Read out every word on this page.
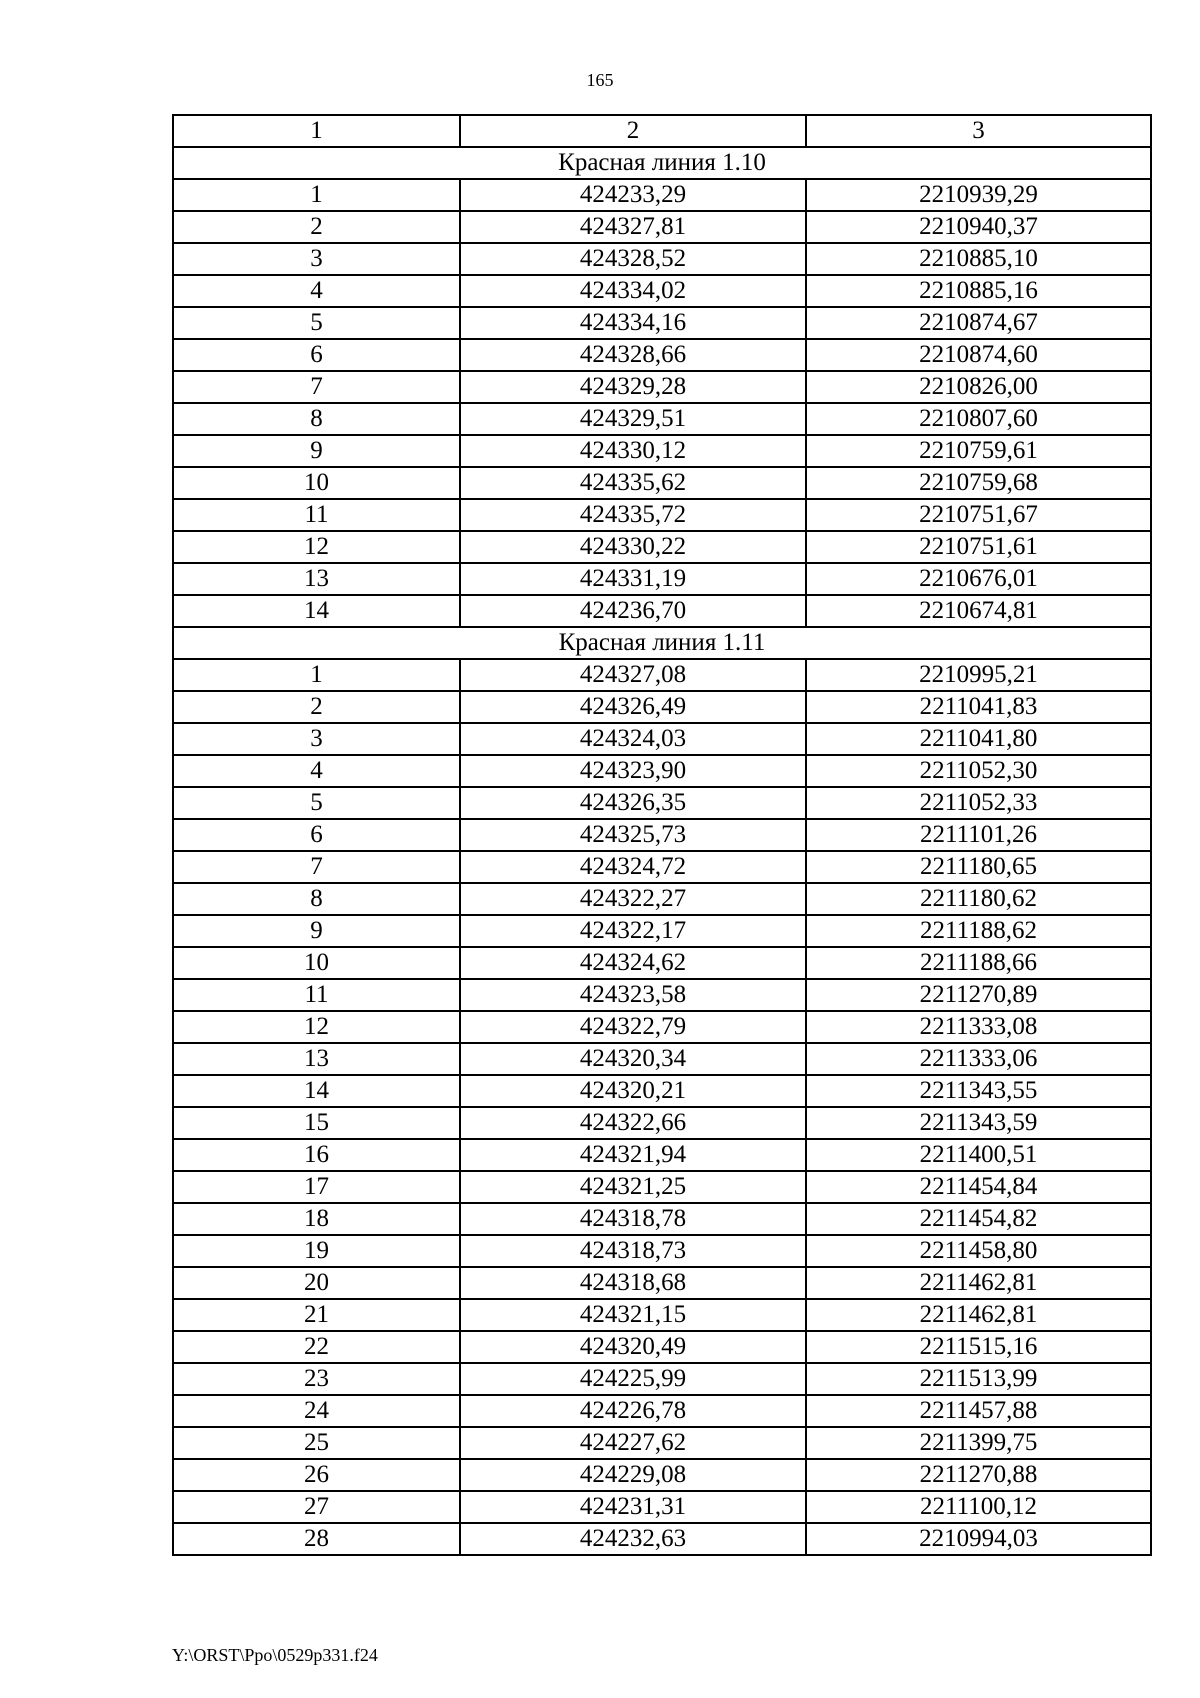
165
1	2	3
Красная линия 1.10		
1	424233,29	2210939,29
2	424327,81	2210940,37
3	424328,52	2210885,10
4	424334,02	2210885,16
5	424334,16	2210874,67
6	424328,66	2210874,60
7	424329,28	2210826,00
8	424329,51	2210807,60
9	424330,12	2210759,61
10	424335,62	2210759,68
11	424335,72	2210751,67
12	424330,22	2210751,61
13	424331,19	2210676,01
14	424236,70	2210674,81
Красная линия 1.11		
1	424327,08	2210995,21
2	424326,49	2211041,83
3	424324,03	2211041,80
4	424323,90	2211052,30
5	424326,35	2211052,33
6	424325,73	2211101,26
7	424324,72	2211180,65
8	424322,27	2211180,62
9	424322,17	2211188,62
10	424324,62	2211188,66
11	424323,58	2211270,89
12	424322,79	2211333,08
13	424320,34	2211333,06
14	424320,21	2211343,55
15	424322,66	2211343,59
16	424321,94	2211400,51
17	424321,25	2211454,84
18	424318,78	2211454,82
19	424318,73	2211458,80
20	424318,68	2211462,81
21	424321,15	2211462,81
22	424320,49	2211515,16
23	424225,99	2211513,99
24	424226,78	2211457,88
25	424227,62	2211399,75
26	424229,08	2211270,88
27	424231,31	2211100,12
28	424232,63	2210994,03
Y:\ORST\Ppo\0529p331.f24
